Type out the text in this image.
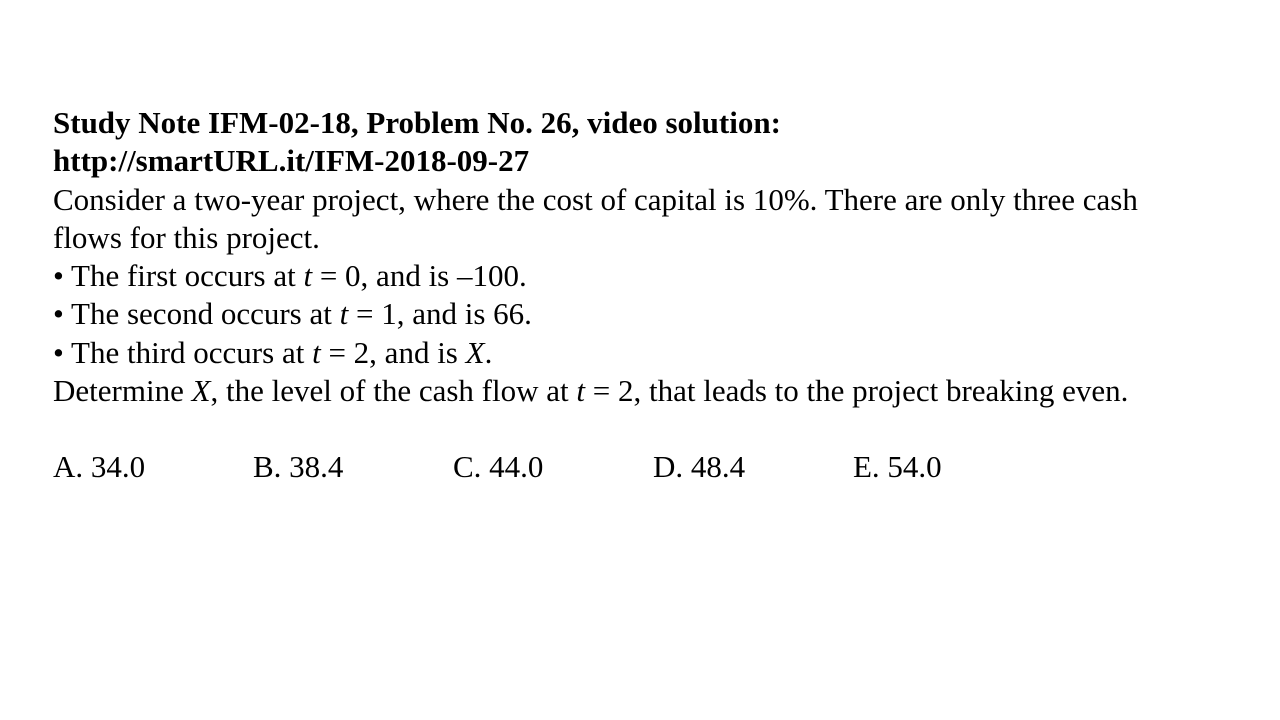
Study Note IFM-02-18, Problem No. 26, video solution:
http://smartURL.it/IFM-2018-09-27
Consider a two-year project, where the cost of capital is 10%. There are only three cash
flows for this project.
• The first occurs at t = 0, and is –100.
• The second occurs at t = 1, and is 66.
• The third occurs at t = 2, and is X.
Determine X, the level of the cash flow at t = 2, that leads to the project breaking even.
A. 34.0	B. 38.4	C. 44.0	D. 48.4	E. 54.0
